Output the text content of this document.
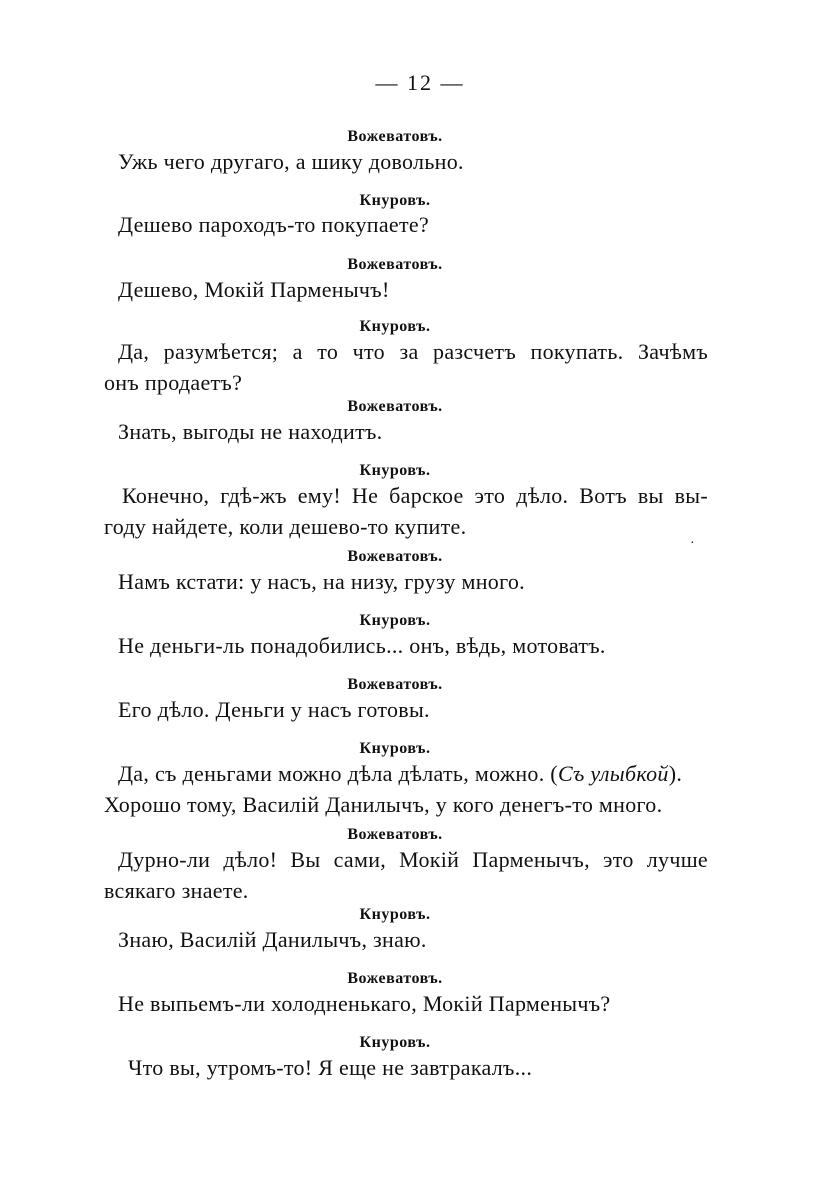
— 12 —
Вожеватовъ.
Ужь чего другаго, а шику довольно.
Кнуровъ.
Дешево пароходъ-то покупаете?
Вожеватовъ.
Дешево, Мокій Парменычъ!
Кнуровъ.
Да, разумѣется; а то что за разсчетъ покупать. Зачѣмъ
онъ продаетъ?
Вожеватовъ.
Знать, выгоды не находитъ.
Кнуровъ.
Конечно, гдѣ-жъ ему! Не барское это дѣло. Вотъ вы вы-
году найдете, коли дешево-то купите.
·
Вожеватовъ.
Намъ кстати: у насъ, на низу, грузу много.
Кнуровъ.
Не деньги-ль понадобились... онъ, вѣдь, мотоватъ.
Вожеватовъ.
Его дѣло. Деньги у насъ готовы.
Кнуровъ.
Да, съ деньгами можно дѣла дѣлать, можно. (Съ улыбкой).
Хорошо тому, Василій Данилычъ, у кого денегъ-то много.
Вожеватовъ.
Дурно-ли дѣло! Вы сами, Мокій Парменычъ, это лучше
всякаго знаете.
Кнуровъ.
Знаю, Василій Данилычъ, знаю.
Вожеватовъ.
Не выпьемъ-ли холодненькаго, Мокій Парменычъ?
Кнуровъ.
Что вы, утромъ-то! Я еще не завтракалъ...
